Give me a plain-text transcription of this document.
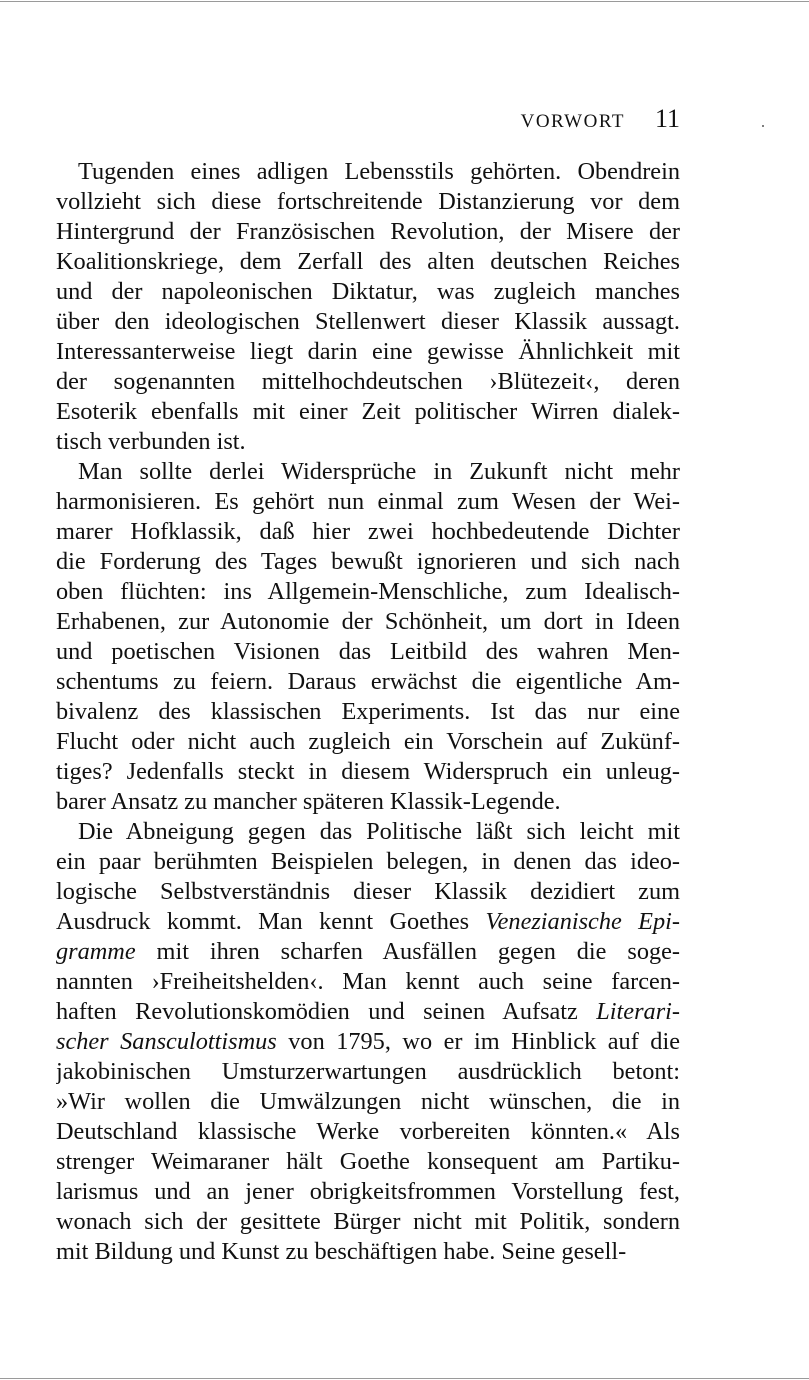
VORWORT 11
Tugenden eines adligen Lebensstils gehörten. Obendrein
vollzieht sich diese fortschreitende Distanzierung vor dem
Hintergrund der Französischen Revolution, der Misere der
Koalitionskriege, dem Zerfall des alten deutschen Reiches
und der napoleonischen Diktatur, was zugleich manches
über den ideologischen Stellenwert dieser Klassik aussagt.
Interessanterweise liegt darin eine gewisse Ähnlichkeit mit
der sogenannten mittelhochdeutschen ›Blütezeit‹, deren
Esoterik ebenfalls mit einer Zeit politischer Wirren dialek-
tisch verbunden ist.
Man sollte derlei Widersprüche in Zukunft nicht mehr
harmonisieren. Es gehört nun einmal zum Wesen der Wei-
marer Hofklassik, daß hier zwei hochbedeutende Dichter
die Forderung des Tages bewußt ignorieren und sich nach
oben flüchten: ins Allgemein-Menschliche, zum Idealisch-
Erhabenen, zur Autonomie der Schönheit, um dort in Ideen
und poetischen Visionen das Leitbild des wahren Men-
schentums zu feiern. Daraus erwächst die eigentliche Am-
bivalenz des klassischen Experiments. Ist das nur eine
Flucht oder nicht auch zugleich ein Vorschein auf Zukünf-
tiges? Jedenfalls steckt in diesem Widerspruch ein unleug-
barer Ansatz zu mancher späteren Klassik-Legende.
Die Abneigung gegen das Politische läßt sich leicht mit
ein paar berühmten Beispielen belegen, in denen das ideo-
logische Selbstverständnis dieser Klassik dezidiert zum
Ausdruck kommt. Man kennt Goethes Venezianische Epi-
gramme mit ihren scharfen Ausfällen gegen die soge-
nannten ›Freiheitshelden‹. Man kennt auch seine farcen-
haften Revolutionskomödien und seinen Aufsatz Literari-
scher Sansculottismus von 1795, wo er im Hinblick auf die
jakobinischen Umsturzerwartungen ausdrücklich betont:
»Wir wollen die Umwälzungen nicht wünschen, die in
Deutschland klassische Werke vorbereiten könnten.« Als
strenger Weimaraner hält Goethe konsequent am Partiku-
larismus und an jener obrigkeitsfrommen Vorstellung fest,
wonach sich der gesittete Bürger nicht mit Politik, sondern
mit Bildung und Kunst zu beschäftigen habe. Seine gesell-
